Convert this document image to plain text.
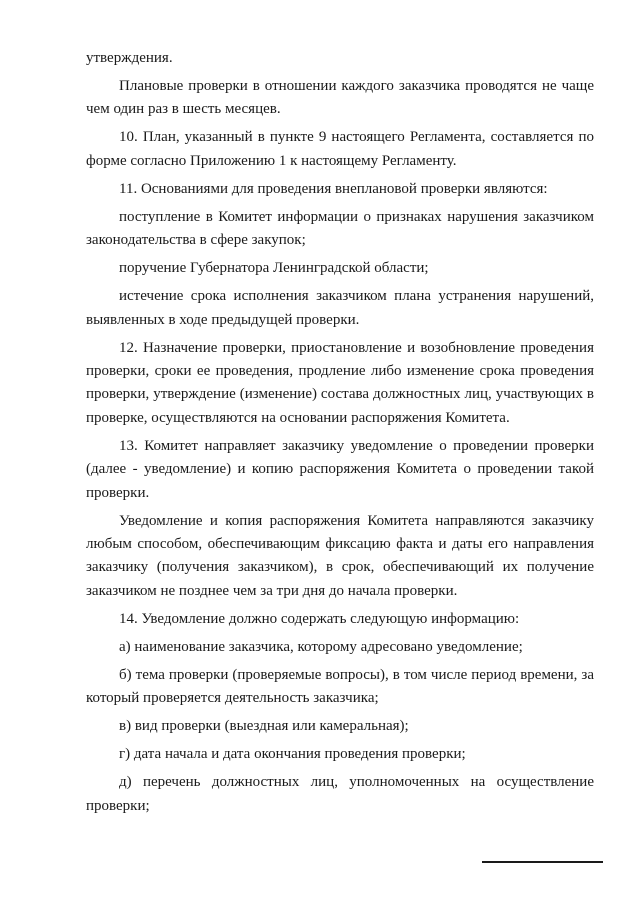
утверждения.

Плановые проверки в отношении каждого заказчика проводятся не чаще чем один раз в шесть месяцев.

10. План, указанный в пункте 9 настоящего Регламента, составляется по форме согласно Приложению 1 к настоящему Регламенту.

11. Основаниями для проведения внеплановой проверки являются:

поступление в Комитет информации о признаках нарушения заказчиком законодательства в сфере закупок;

поручение Губернатора Ленинградской области;

истечение срока исполнения заказчиком плана устранения нарушений, выявленных в ходе предыдущей проверки.

12. Назначение проверки, приостановление и возобновление проведения проверки, сроки ее проведения, продление либо изменение срока проведения проверки, утверждение (изменение) состава должностных лиц, участвующих в проверке, осуществляются на основании распоряжения Комитета.

13. Комитет направляет заказчику уведомление о проведении проверки (далее - уведомление) и копию распоряжения Комитета о проведении такой проверки.

Уведомление и копия распоряжения Комитета направляются заказчику любым способом, обеспечивающим фиксацию факта и даты его направления заказчику (получения заказчиком), в срок, обеспечивающий их получение заказчиком не позднее чем за три дня до начала проверки.

14. Уведомление должно содержать следующую информацию:

а) наименование заказчика, которому адресовано уведомление;

б) тема проверки (проверяемые вопросы), в том числе период времени, за который проверяется деятельность заказчика;

в) вид проверки (выездная или камеральная);

г) дата начала и дата окончания проведения проверки;

д) перечень должностных лиц, уполномоченных на осуществление проверки;
